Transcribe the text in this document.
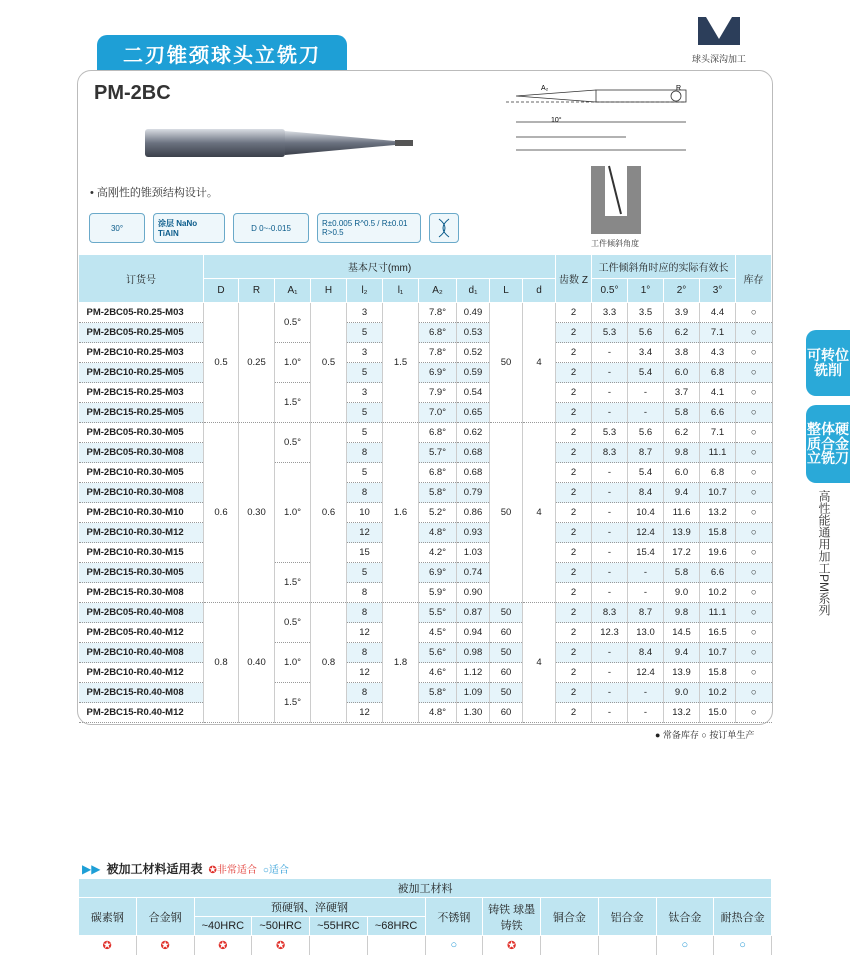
球头深沟加工
二刃锥颈球头立铣刀
PM-2BC	A₂
10°
R
• 高刚性的锥颈结构设计。
30°	涂层 NaNo TiAlN
D 0~-0.015	R±0.005 R^0.5 / R±0.01 R>0.5
工件倾斜角度
订货号	基本尺寸(mm)										齿数 Z	工件倾斜角时应的实际有效长				库存
	D	R	A₁	H	l₂	l₁	A₂	d₁	L	d		0.5°	1°	2°	3°	
PM-2BC05-R0.25-M03	0.5	0.25	0.5°	0.5	3	1.5	7.8°	0.49	50	4	2	3.3	3.5	3.9	4.4	○
PM-2BC05-R0.25-M05					5		6.8°	0.53			2	5.3	5.6	6.2	7.1	○
PM-2BC10-R0.25-M03			1.0°		3		7.8°	0.52			2	-	3.4	3.8	4.3	○
PM-2BC10-R0.25-M05					5		6.9°	0.59			2	-	5.4	6.0	6.8	○
PM-2BC15-R0.25-M03			1.5°		3		7.9°	0.54			2	-	-	3.7	4.1	○
PM-2BC15-R0.25-M05					5		7.0°	0.65			2	-	-	5.8	6.6	○
PM-2BC05-R0.30-M05	0.6	0.30	0.5°	0.6	5	1.6	6.8°	0.62	50	4	2	5.3	5.6	6.2	7.1	○
PM-2BC05-R0.30-M08					8		5.7°	0.68			2	8.3	8.7	9.8	11.1	○
PM-2BC10-R0.30-M05			1.0°		5		6.8°	0.68			2	-	5.4	6.0	6.8	○
PM-2BC10-R0.30-M08					8		5.8°	0.79			2	-	8.4	9.4	10.7	○
PM-2BC10-R0.30-M10					10		5.2°	0.86			2	-	10.4	11.6	13.2	○
PM-2BC10-R0.30-M12					12		4.8°	0.93			2	-	12.4	13.9	15.8	○
PM-2BC10-R0.30-M15					15		4.2°	1.03			2	-	15.4	17.2	19.6	○
PM-2BC15-R0.30-M05			1.5°		5		6.9°	0.74			2	-	-	5.8	6.6	○
PM-2BC15-R0.30-M08					8		5.9°	0.90			2	-	-	9.0	10.2	○
PM-2BC05-R0.40-M08	0.8	0.40	0.5°	0.8	8	1.8	5.5°	0.87	50	4	2	8.3	8.7	9.8	11.1	○
PM-2BC05-R0.40-M12					12		4.5°	0.94	60		2	12.3	13.0	14.5	16.5	○
PM-2BC10-R0.40-M08			1.0°		8		5.6°	0.98	50		2	-	8.4	9.4	10.7	○
PM-2BC10-R0.40-M12					12		4.6°	1.12	60		2	-	12.4	13.9	15.8	○
PM-2BC15-R0.40-M08			1.5°		8		5.8°	1.09	50		2	-	-	9.0	10.2	○
PM-2BC15-R0.40-M12					12		4.8°	1.30	60		2	-	-	13.2	15.0	○
● 常备库存 ○ 按订单生产
▶▶ 被加工材料适用表 ✪非常适合 ○适合
被加工材料											
碳素钢	合金钢	预硬钢、淬硬钢				不锈钢	铸铁 球墨铸铁	铜合金	铝合金	钛合金	耐热合金
		~40HRC	~50HRC	~55HRC	~68HRC						
✪	✪	✪	✪			○	✪			○	○
可转位铣削
整体硬质合金立铣刀
高性能通用加工PM系列
